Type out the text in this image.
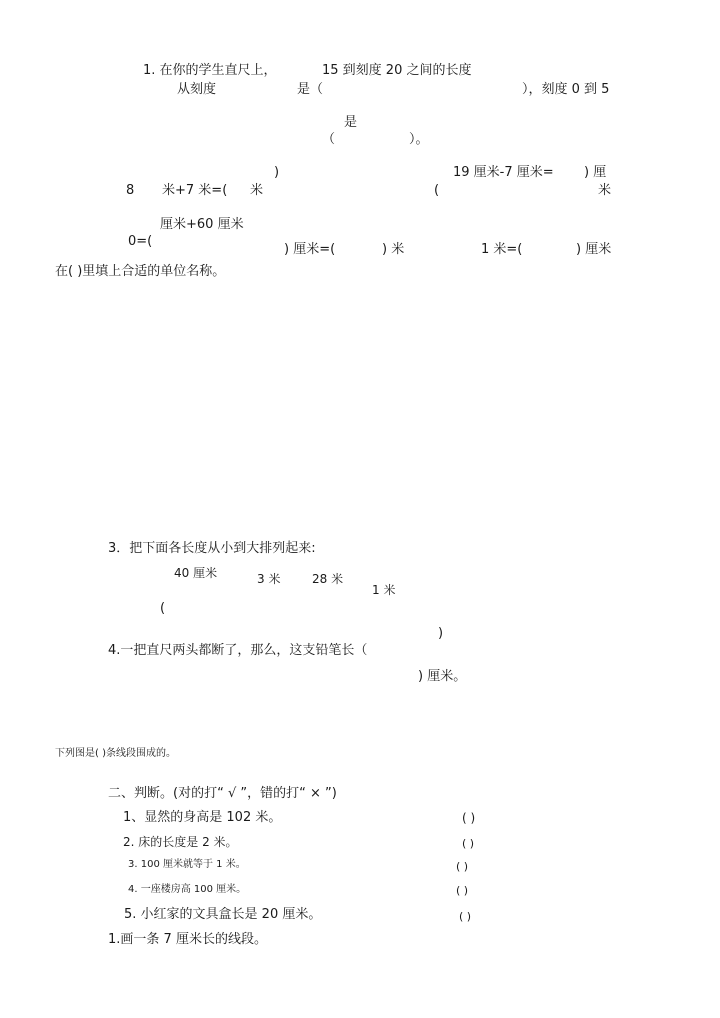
1. 在你的学生直尺上，	15 到刻度 20 之间的长度
从刻度	是（	），刻度 0 到 5
是
（	）。
)	19 厘米-7 厘米= ) 厘
8 米+7 米=( 米	(	米
厘米+60 厘米
0=(
) 厘米=(	) 米	1 米=(	) 厘米
在( )里填上合适的单位名称。
3．把下面各长度从小到大排列起来:
40 厘米	3 米	28 米
1 米
(
)
4.一把直尺两头都断了，那么，这支铅笔长（
) 厘米。
下列图是( )条线段围成的。
二、判断。(对的打“ √ ”，错的打“ × ”)
1、显然的身高是 102 米。	( )
2. 床的长度是 2 米。	( )
3. 100 厘米就等于 1 米。	( )
4. 一座楼房高 100 厘米。	( )
5. 小红家的文具盒长是 20 厘米。	( )
1.画一条 7 厘米长的线段。
